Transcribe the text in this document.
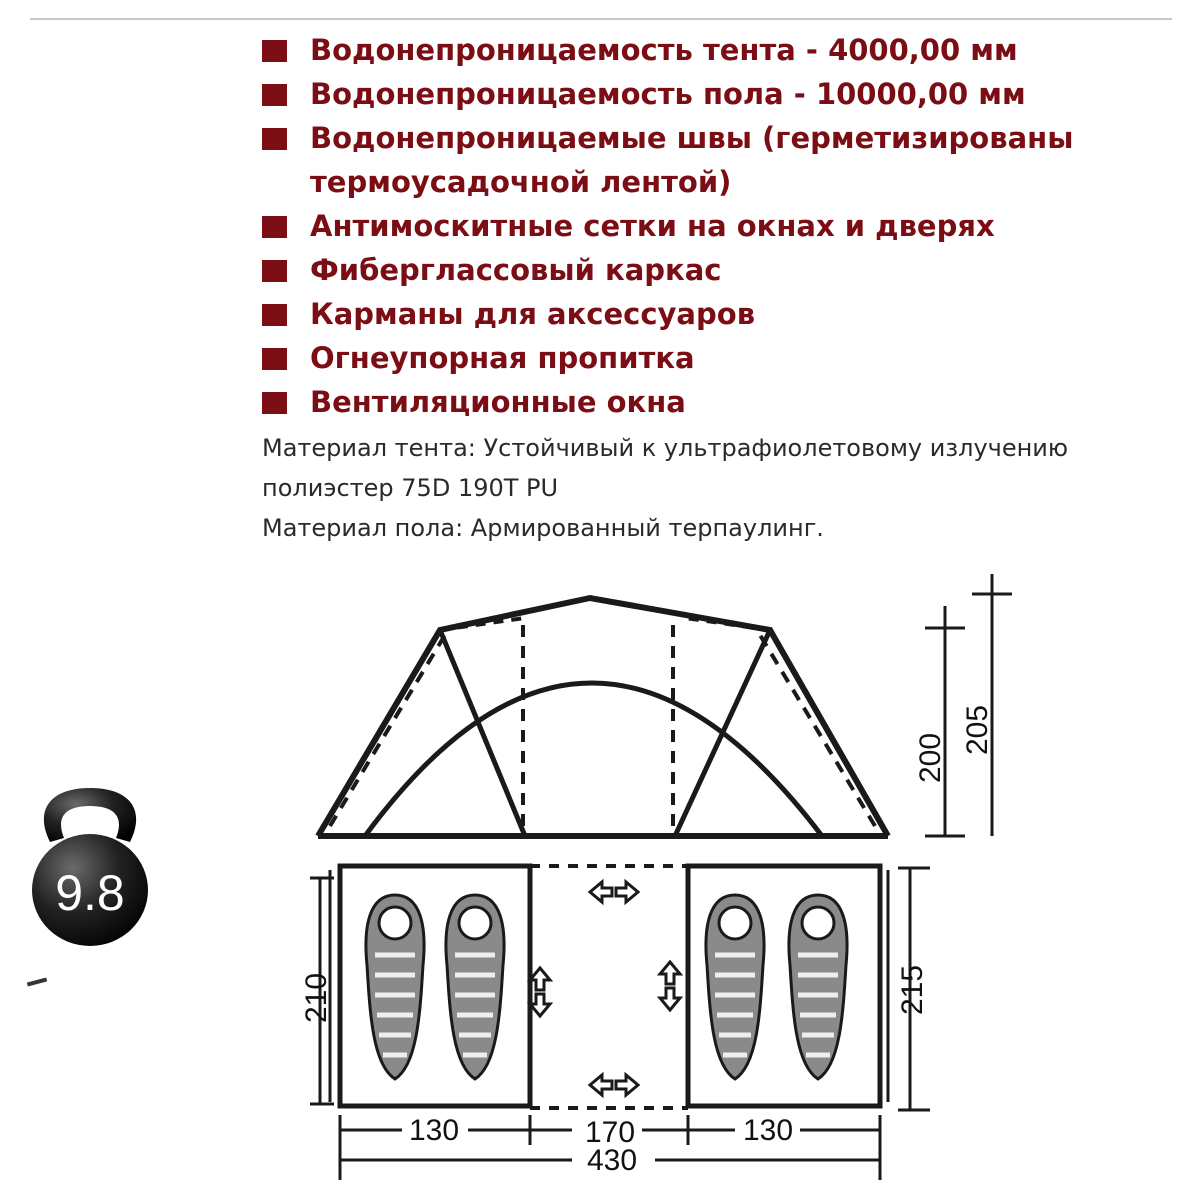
Водонепроницаемость тента - 4000,00 мм
Водонепроницаемость пола - 10000,00 мм
Водонепроницаемые швы (герметизированы термоусадочной лентой)
Антимоскитные сетки на окнах и дверях
Фибергласcовый каркас
Карманы для аксессуаров
Огнеупорная пропитка
Вентиляционные окна

Материал тента: Устойчивый к ультрафиолетовому излучению полиэстер 75D 190T PU

Материал пола: Армированный терпаулинг.

9.8
200
205
210	215
130	170	130
430
